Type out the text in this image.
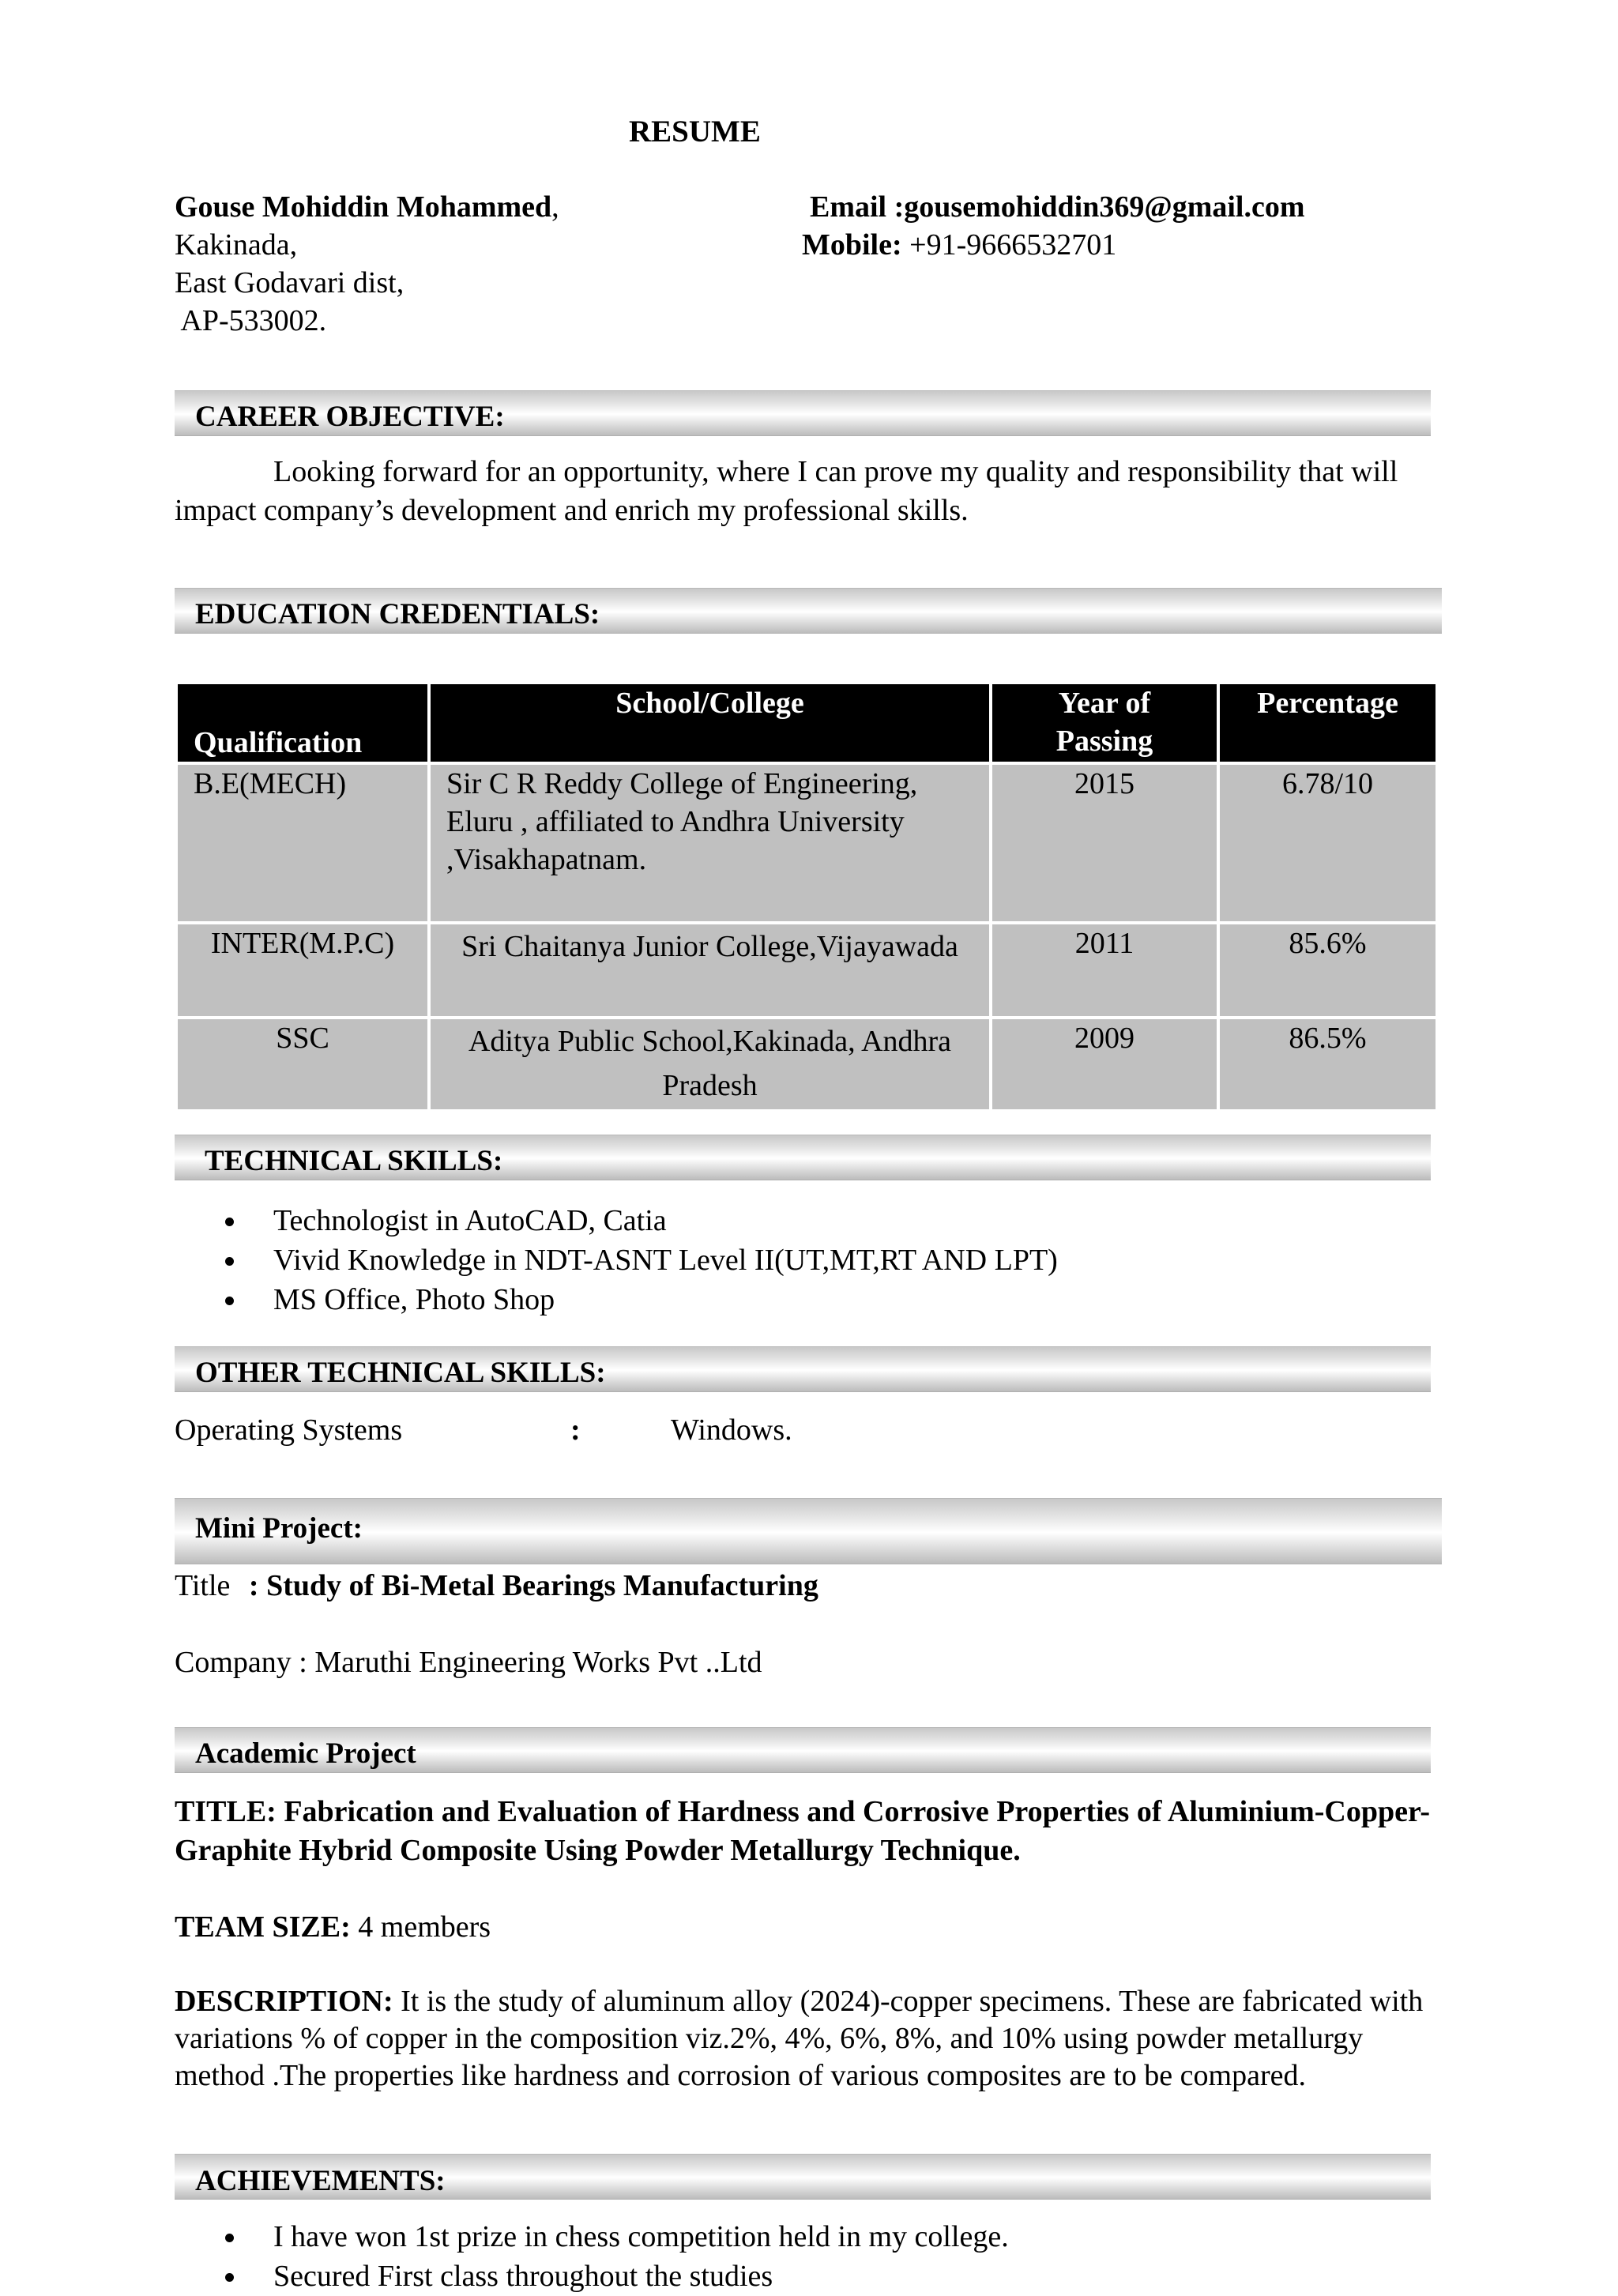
RESUME
Gouse Mohiddin Mohammed,
Kakinada,
East Godavari dist,
AP-533002.
Email :gousemohiddin369@gmail.com
Mobile: +91-9666532701
CAREER OBJECTIVE:
Looking forward for an opportunity, where I can prove my quality and responsibility that will impact company’s development and enrich my professional skills.
EDUCATION CREDENTIALS:
Qualification	School/College	Year of Passing	Percentage
B.E(MECH)	Sir C R Reddy College of Engineering, Eluru , affiliated to Andhra University ,Visakhapatnam.	2015	6.78/10
INTER(M.P.C)	Sri Chaitanya Junior College,Vijayawada	2011	85.6%
SSC	Aditya Public School,Kakinada, Andhra Pradesh	2009	86.5%
TECHNICAL SKILLS:
Technologist in AutoCAD, Catia
Vivid Knowledge in NDT-ASNT Level II(UT,MT,RT AND LPT)
MS Office, Photo Shop
OTHER TECHNICAL SKILLS:
Operating Systems	:	Windows.
Mini Project:
Title : Study of Bi-Metal Bearings Manufacturing
Company : Maruthi Engineering Works Pvt ..Ltd
Academic Project
TITLE: Fabrication and Evaluation of Hardness and Corrosive Properties of Aluminium-Copper-Graphite Hybrid Composite Using Powder Metallurgy Technique.
TEAM SIZE: 4 members
DESCRIPTION: It is the study of aluminum alloy (2024)-copper specimens. These are fabricated with variations % of copper in the composition viz.2%, 4%, 6%, 8%, and 10% using powder metallurgy method .The properties like hardness and corrosion of various composites are to be compared.
ACHIEVEMENTS:
I have won 1st prize in chess competition held in my college.
Secured First class throughout the studies
